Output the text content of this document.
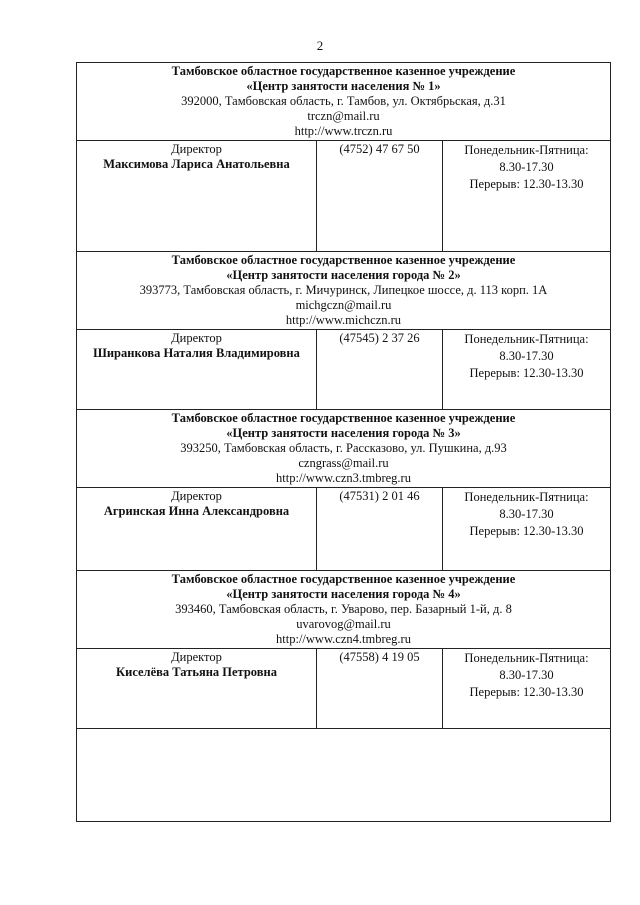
2
Тамбовское областное государственное казенное учреждение
«Центр занятости населения № 1»
392000, Тамбовская область, г. Тамбов, ул. Октябрьская, д.31
trczn@mail.ru
http://www.trczn.ru		

Директор
Максимова Лариса Анатольевна	(4752) 47 67 50	Понедельник-Пятница:
8.30-17.30
Перерыв: 12.30-13.30

Тамбовское областное государственное казенное учреждение
«Центр занятости населения города № 2»
393773, Тамбовская область, г. Мичуринск, Липецкое шоссе, д. 113 корп. 1А
michgczn@mail.ru
http://www.michczn.ru		

Директор
Ширанкова Наталия Владимировна	(47545) 2 37 26	Понедельник-Пятница:
8.30-17.30
Перерыв: 12.30-13.30

Тамбовское областное государственное казенное учреждение
«Центр занятости населения города № 3»
393250, Тамбовская область, г. Рассказово, ул. Пушкина, д.93
czngrass@mail.ru
http://www.czn3.tmbreg.ru		

Директор
Агринская Инна Александровна	(47531) 2 01 46	Понедельник-Пятница:
8.30-17.30
Перерыв: 12.30-13.30

Тамбовское областное государственное казенное учреждение
«Центр занятости населения города № 4»
393460, Тамбовская область, г. Уварово, пер. Базарный 1-й, д. 8
uvarovog@mail.ru
http://www.czn4.tmbreg.ru		

Директор
Киселёва Татьяна Петровна	(47558) 4 19 05	Понедельник-Пятница:
8.30-17.30
Перерыв: 12.30-13.30
